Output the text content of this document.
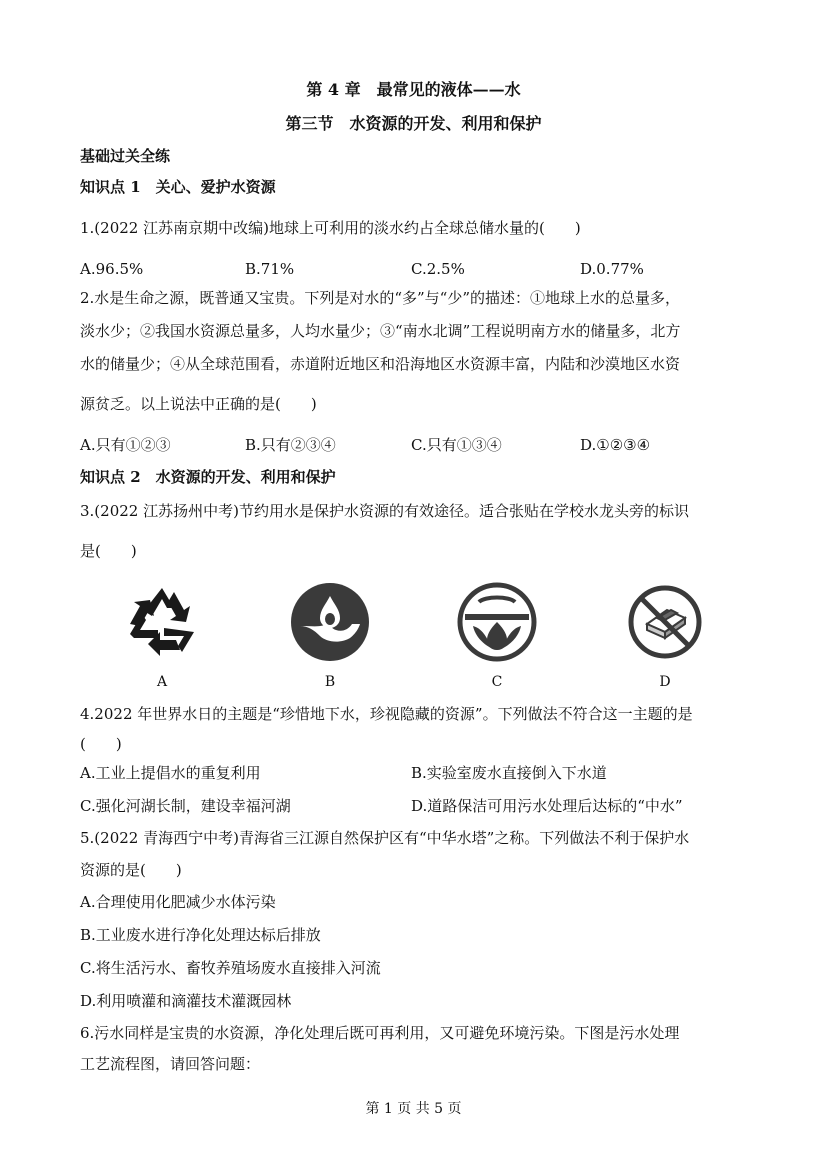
第 4 章　最常见的液体——水
第三节　水资源的开发、利用和保护
基础过关全练
知识点 1　关心、爱护水资源
1.(2022 江苏南京期中改编)地球上可利用的淡水约占全球总储水量的(　　)
A.96.5%	B.71%	C.2.5%	D.0.77%
2.水是生命之源，既普通又宝贵。下列是对水的“多”与“少”的描述：①地球上水的总量多，
淡水少；②我国水资源总量多，人均水量少；③“南水北调”工程说明南方水的储量多，北方
水的储量少；④从全球范围看，赤道附近地区和沿海地区水资源丰富，内陆和沙漠地区水资
源贫乏。以上说法中正确的是(　　)
A.只有①②③	B.只有②③④	C.只有①③④	D.①②③④
知识点 2　水资源的开发、利用和保护
3.(2022 江苏扬州中考)节约用水是保护水资源的有效途径。适合张贴在学校水龙头旁的标识
是(　　)
A	B	C	D
4.2022 年世界水日的主题是“珍惜地下水，珍视隐藏的资源”。下列做法不符合这一主题的是
(　　)
A.工业上提倡水的重复利用	B.实验室废水直接倒入下水道
C.强化河湖长制，建设幸福河湖	D.道路保洁可用污水处理后达标的“中水”
5.(2022 青海西宁中考)青海省三江源自然保护区有“中华水塔”之称。下列做法不利于保护水
资源的是(　　)
A.合理使用化肥减少水体污染
B.工业废水进行净化处理达标后排放
C.将生活污水、畜牧养殖场废水直接排入河流
D.利用喷灌和滴灌技术灌溉园林
6.污水同样是宝贵的水资源，净化处理后既可再利用，又可避免环境污染。下图是污水处理
工艺流程图，请回答问题：
第 1 页 共 5 页
